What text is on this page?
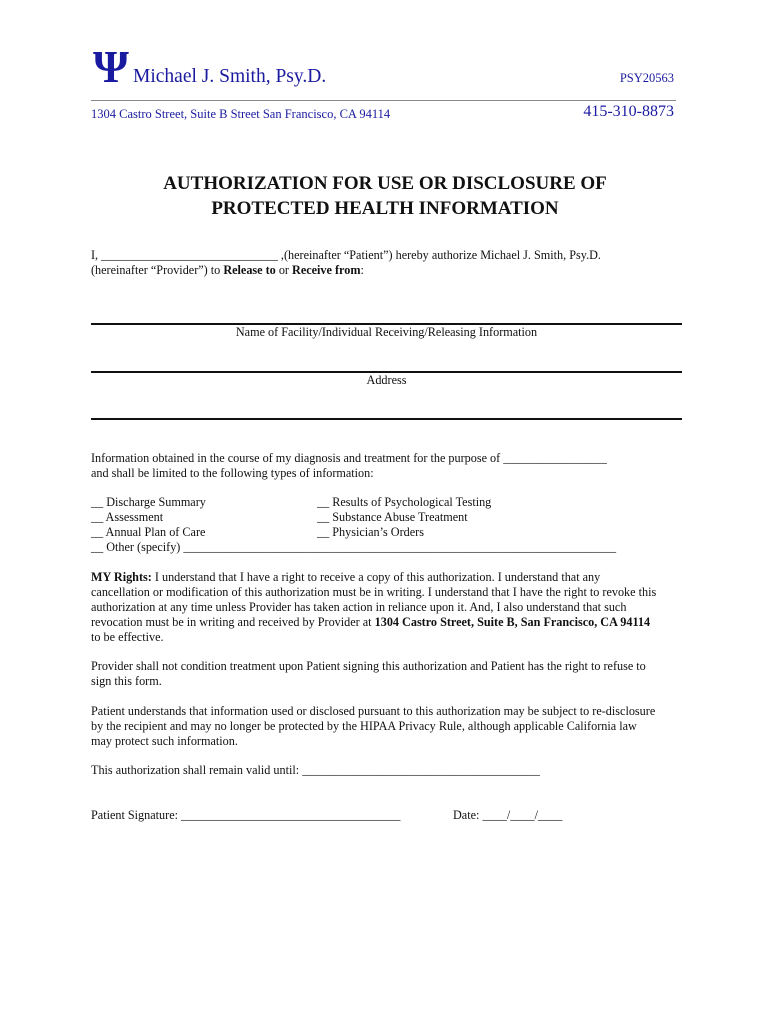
Ψ Michael J. Smith, Psy.D.	PSY20563
1304 Castro Street, Suite B Street San Francisco, CA 94114	415-310-8873
AUTHORIZATION FOR USE OR DISCLOSURE OF
PROTECTED HEALTH INFORMATION
I, _____________________________ ,(hereinafter “Patient”) hereby authorize Michael J. Smith, Psy.D.
(hereinafter “Provider”) to Release to or Receive from:
Name of Facility/Individual Receiving/Releasing Information
Address
Information obtained in the course of my diagnosis and treatment for the purpose of _________________
and shall be limited to the following types of information:
__ Discharge Summary
__ Assessment
__ Annual Plan of Care
__ Results of Psychological Testing
__ Substance Abuse Treatment
__ Physician’s Orders
__ Other (specify) _______________________________________________________________________
MY Rights: I understand that I have a right to receive a copy of this authorization. I understand that any
cancellation or modification of this authorization must be in writing. I understand that I have the right to revoke this
authorization at any time unless Provider has taken action in reliance upon it. And, I also understand that such
revocation must be in writing and received by Provider at 1304 Castro Street, Suite B, San Francisco, CA 94114
to be effective.
Provider shall not condition treatment upon Patient signing this authorization and Patient has the right to refuse to
sign this form.
Patient understands that information used or disclosed pursuant to this authorization may be subject to re-disclosure
by the recipient and may no longer be protected by the HIPAA Privacy Rule, although applicable California law
may protect such information.
This authorization shall remain valid until: _______________________________________
Patient Signature: ____________________________________	Date: ____/____/____
